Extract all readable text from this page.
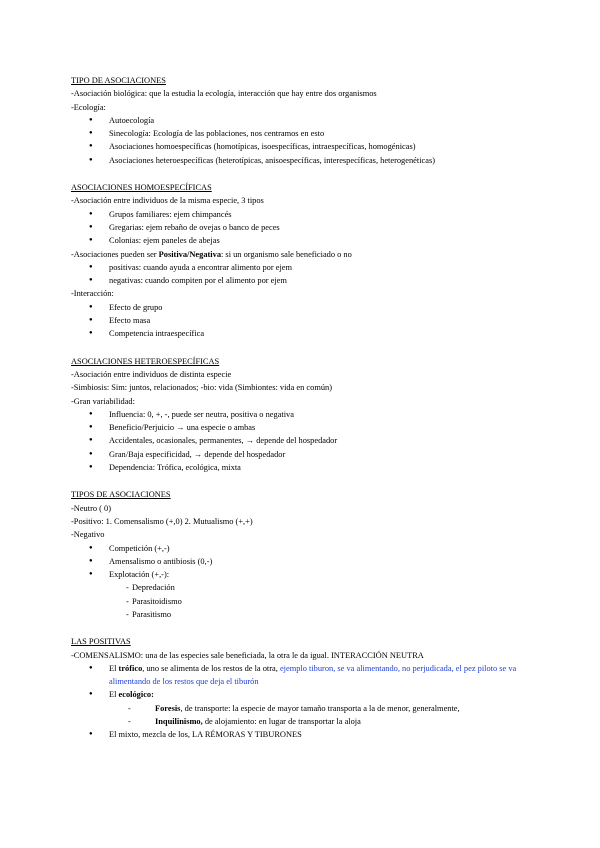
TIPO DE ASOCIACIONES
-Asociación biológica: que la estudia la ecología, interacción que hay entre dos organismos
-Ecología:
● Autoecología
● Sinecología: Ecología de las poblaciones, nos centramos en esto
● Asociaciones homoespecíficas (homotípicas, isoespecíficas, intraespecíficas, homogénicas)
● Asociaciones heteroespecíficas (heterotípicas, anisoespecíficas, interespecíficas, heterogenéticas)
ASOCIACIONES HOMOESPECÍFICAS
-Asociación entre individuos de la misma especie, 3 tipos
● Grupos familiares: ejem chimpancés
● Gregarias: ejem rebaño de ovejas o banco de peces
● Colonias: ejem paneles de abejas
-Asociaciones pueden ser Positiva/Negativa: si un organismo sale beneficiado o no
● positivas: cuando ayuda a encontrar alimento por ejem
● negativas: cuando compiten por el alimento por ejem
-Interacción:
● Efecto de grupo
● Efecto masa
● Competencia intraespecífica
ASOCIACIONES HETEROESPECÍFICAS
-Asociación entre individuos de distinta especie
-Simbiosis: Sim: juntos, relacionados; -bio: vida (Simbiontes: vida en común)
-Gran variabilidad:
● Influencia: 0, +, -, puede ser neutra, positiva o negativa
● Beneficio/Perjuicio → una especie o ambas
● Accidentales, ocasionales, permanentes, → depende del hospedador
● Gran/Baja especificidad, → depende del hospedador
● Dependencia: Trófica, ecológica, mixta
TIPOS DE ASOCIACIONES
-Neutro ( 0)
-Positivo: 1. Comensalismo (+,0) 2. Mutualismo (+,+)
-Negativo
● Competición (+,-)
● Amensalismo o antibiosis (0,-)
● Explotación (+,-):
- Depredación
- Parasitoidismo
- Parasitismo
LAS POSITIVAS
-COMENSALISMO: una de las especies sale beneficiada, la otra le da igual. INTERACCIÓN NEUTRA
● El trófico, uno se alimenta de los restos de la otra, ejemplo tiburon, se va alimentando, no perjudicada, el pez piloto se va alimentando de los restos que deja el tiburón
● El ecológico:
- Foresis, de transporte: la especie de mayor tamaño transporta a la de menor, generalmente,
- Inquilinismo, de alojamiento: en lugar de transportar la aloja
● El mixto, mezcla de los, LA RÉMORAS Y TIBURONES
